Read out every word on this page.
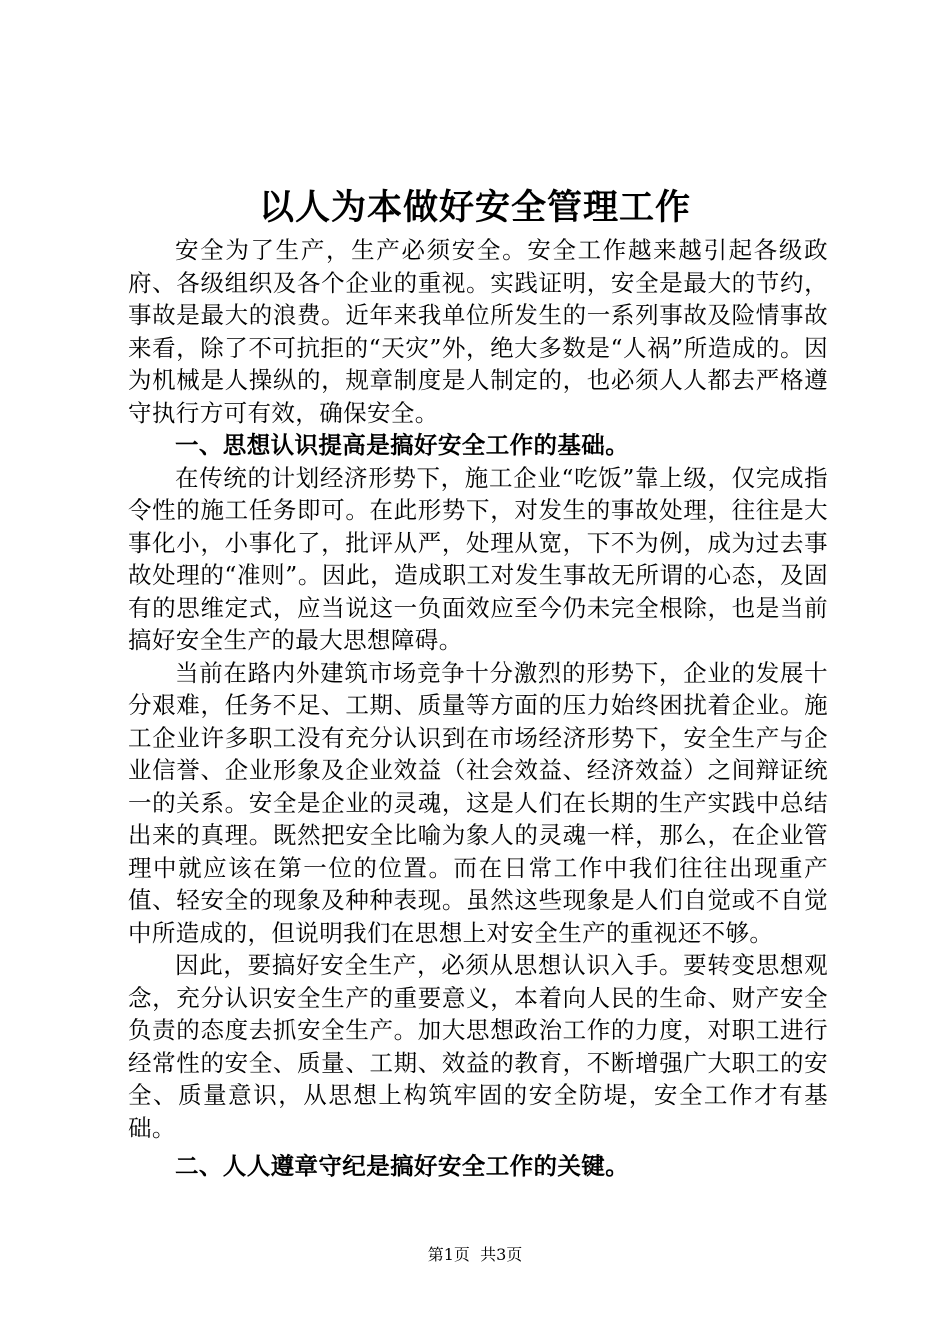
以人为本做好安全管理工作

安全为了生产，生产必须安全。安全工作越来越引起各级政府、各级组织及各个企业的重视。实践证明，安全是最大的节约，事故是最大的浪费。近年来我单位所发生的一系列事故及险情事故来看，除了不可抗拒的“天灾”外，绝大多数是“人祸”所造成的。因为机械是人操纵的，规章制度是人制定的，也必须人人都去严格遵守执行方可有效，确保安全。

一、思想认识提高是搞好安全工作的基础。

在传统的计划经济形势下，施工企业“吃饭”靠上级，仅完成指令性的施工任务即可。在此形势下，对发生的事故处理，往往是大事化小，小事化了，批评从严，处理从宽，下不为例，成为过去事故处理的“准则”。因此，造成职工对发生事故无所谓的心态，及固有的思维定式，应当说这一负面效应至今仍未完全根除，也是当前搞好安全生产的最大思想障碍。

当前在路内外建筑市场竞争十分激烈的形势下，企业的发展十分艰难，任务不足、工期、质量等方面的压力始终困扰着企业。施工企业许多职工没有充分认识到在市场经济形势下，安全生产与企业信誉、企业形象及企业效益（社会效益、经济效益）之间辩证统一的关系。安全是企业的灵魂，这是人们在长期的生产实践中总结出来的真理。既然把安全比喻为象人的灵魂一样，那么，在企业管理中就应该在第一位的位置。而在日常工作中我们往往出现重产值、轻安全的现象及种种表现。虽然这些现象是人们自觉或不自觉中所造成的，但说明我们在思想上对安全生产的重视还不够。

因此，要搞好安全生产，必须从思想认识入手。要转变思想观念，充分认识安全生产的重要意义，本着向人民的生命、财产安全负责的态度去抓安全生产。加大思想政治工作的力度，对职工进行经常性的安全、质量、工期、效益的教育，不断增强广大职工的安全、质量意识，从思想上构筑牢固的安全防堤，安全工作才有基础。

二、人人遵章守纪是搞好安全工作的关键。

第1页  共3页
